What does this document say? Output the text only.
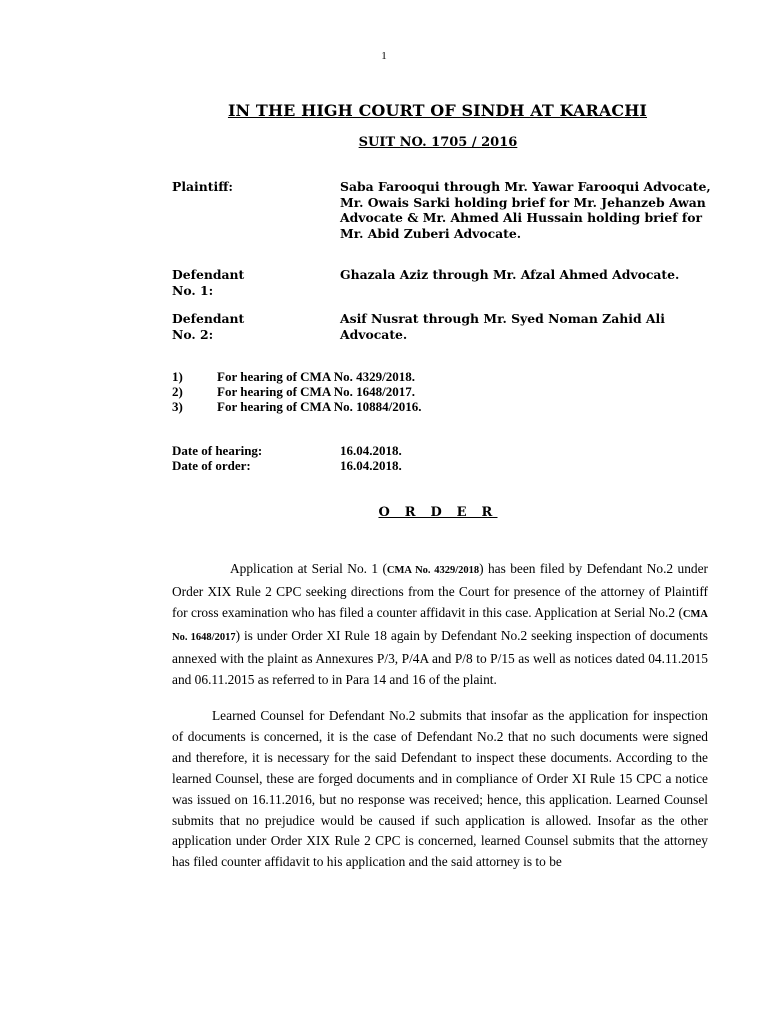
1
IN THE HIGH COURT OF SINDH AT KARACHI
SUIT NO. 1705 / 2016
Plaintiff:	Saba Farooqui through Mr. Yawar Farooqui Advocate, Mr. Owais Sarki holding brief for Mr. Jehanzeb Awan Advocate & Mr. Ahmed Ali Hussain holding brief for Mr. Abid Zuberi Advocate.
Defendant No. 1:
Ghazala Aziz through Mr. Afzal Ahmed Advocate.
Defendant No. 2:
Asif Nusrat through Mr. Syed Noman Zahid Ali Advocate.
1)	For hearing of CMA No. 4329/2018.
2)	For hearing of CMA No. 1648/2017.
3)	For hearing of CMA No. 10884/2016.
Date of hearing:	16.04.2018.
Date of order:	16.04.2018.
O R D E R
Application at Serial No. 1 (CMA No. 4329/2018) has been filed by Defendant No.2 under Order XIX Rule 2 CPC seeking directions from the Court for presence of the attorney of Plaintiff for cross examination who has filed a counter affidavit in this case. Application at Serial No.2 (CMA No. 1648/2017) is under Order XI Rule 18 again by Defendant No.2 seeking inspection of documents annexed with the plaint as Annexures P/3, P/4A and P/8 to P/15 as well as notices dated 04.11.2015 and 06.11.2015 as referred to in Para 14 and 16 of the plaint.
Learned Counsel for Defendant No.2 submits that insofar as the application for inspection of documents is concerned, it is the case of Defendant No.2 that no such documents were signed and therefore, it is necessary for the said Defendant to inspect these documents. According to the learned Counsel, these are forged documents and in compliance of Order XI Rule 15 CPC a notice was issued on 16.11.2016, but no response was received; hence, this application. Learned Counsel submits that no prejudice would be caused if such application is allowed. Insofar as the other application under Order XIX Rule 2 CPC is concerned, learned Counsel submits that the attorney has filed counter affidavit to his application and the said attorney is to be
